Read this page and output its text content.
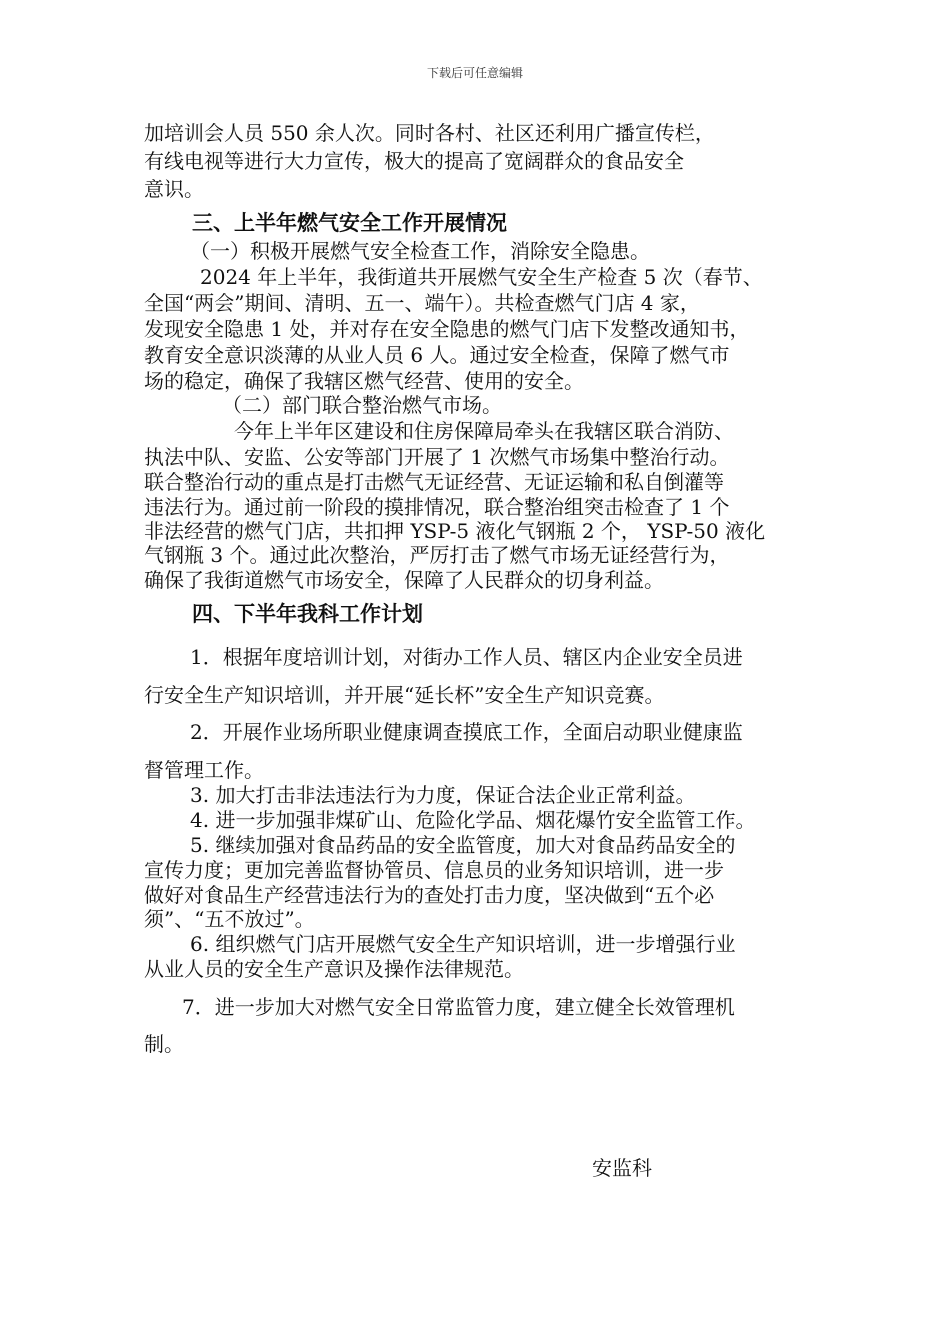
下载后可任意编辑
加培训会人员 550 余人次。同时各村、社区还利用广播宣传栏，
有线电视等进行大力宣传，极大的提高了宽阔群众的食品安全
意识。
三、上半年燃气安全工作开展情况
（一）积极开展燃气安全检查工作，消除安全隐患。
2024 年上半年，我街道共开展燃气安全生产检查 5 次（春节、
全国“两会”期间、清明、五一、端午）。共检查燃气门店 4 家，
发现安全隐患 1 处，并对存在安全隐患的燃气门店下发整改通知书，
教育安全意识淡薄的从业人员 6 人。通过安全检查，保障了燃气市
场的稳定，确保了我辖区燃气经营、使用的安全。
（二）部门联合整治燃气市场。
今年上半年区建设和住房保障局牵头在我辖区联合消防、
执法中队、安监、公安等部门开展了 1 次燃气市场集中整治行动。
联合整治行动的重点是打击燃气无证经营、无证运输和私自倒灌等
违法行为。通过前一阶段的摸排情况，联合整治组突击检查了 1 个
非法经营的燃气门店，共扣押 YSP-5 液化气钢瓶 2 个， YSP-50 液化
气钢瓶 3 个。通过此次整治，严厉打击了燃气市场无证经营行为，
确保了我街道燃气市场安全，保障了人民群众的切身利益。
四、下半年我科工作计划
1．根据年度培训计划，对街办工作人员、辖区内企业安全员进
行安全生产知识培训，并开展“延长杯”安全生产知识竞赛。
2．开展作业场所职业健康调查摸底工作，全面启动职业健康监
督管理工作。
3. 加大打击非法违法行为力度，保证合法企业正常利益。
4. 进一步加强非煤矿山、危险化学品、烟花爆竹安全监管工作。
5. 继续加强对食品药品的安全监管度，加大对食品药品安全的
宣传力度；更加完善监督协管员、信息员的业务知识培训，进一步
做好对食品生产经营违法行为的查处打击力度，坚决做到“五个必
须”、“五不放过”。
6. 组织燃气门店开展燃气安全生产知识培训，进一步增强行业
从业人员的安全生产意识及操作法律规范。
7．进一步加大对燃气安全日常监管力度，建立健全长效管理机
制。
安监科
